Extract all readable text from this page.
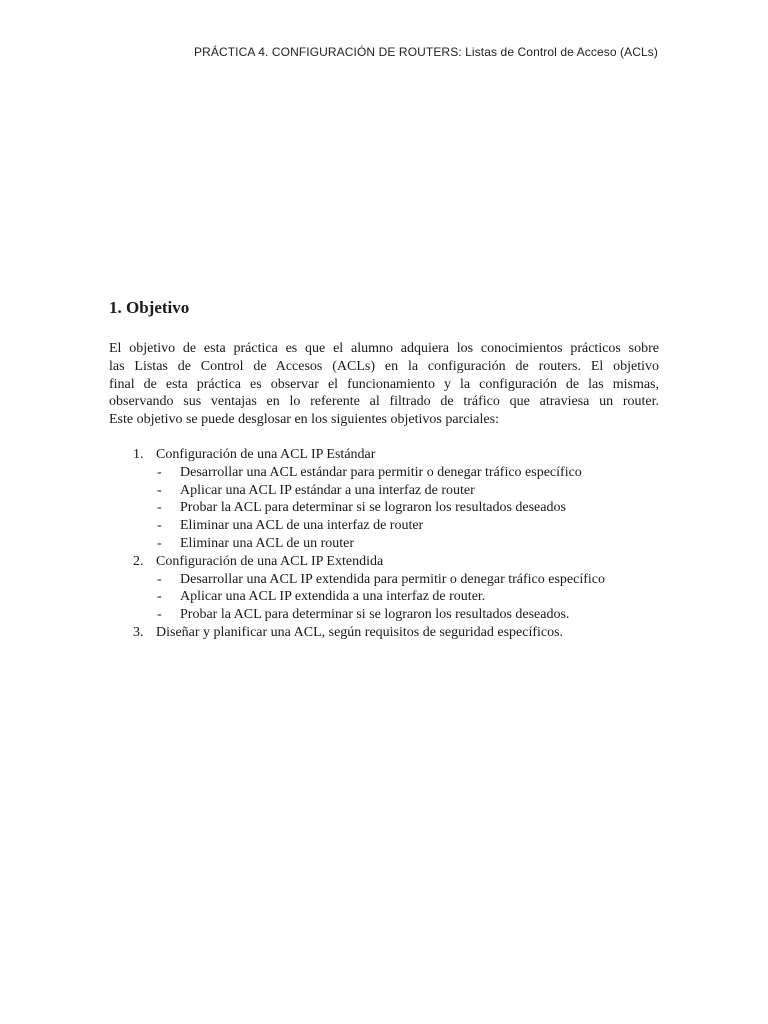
PRÁCTICA 4. CONFIGURACIÓN DE ROUTERS: Listas de Control de Acceso (ACLs)
1. Objetivo
El objetivo de esta práctica es que el alumno adquiera los conocimientos prácticos sobre
las Listas de Control de Accesos (ACLs) en la configuración de routers. El objetivo
final de esta práctica es observar el funcionamiento y la configuración de las mismas,
observando sus ventajas en lo referente al filtrado de tráfico que atraviesa un router.
Este objetivo se puede desglosar en los siguientes objetivos parciales:
1. Configuración de una ACL IP Estándar
- Desarrollar una ACL estándar para permitir o denegar tráfico específico
- Aplicar una ACL IP estándar a una interfaz de router
- Probar la ACL para determinar si se lograron los resultados deseados
- Eliminar una ACL de una interfaz de router
- Eliminar una ACL de un router
2. Configuración de una ACL IP Extendida
- Desarrollar una ACL IP extendida para permitir o denegar tráfico específico
- Aplicar una ACL IP extendida a una interfaz de router.
- Probar la ACL para determinar si se lograron los resultados deseados.
3. Diseñar y planificar una ACL, según requisitos de seguridad específicos.
